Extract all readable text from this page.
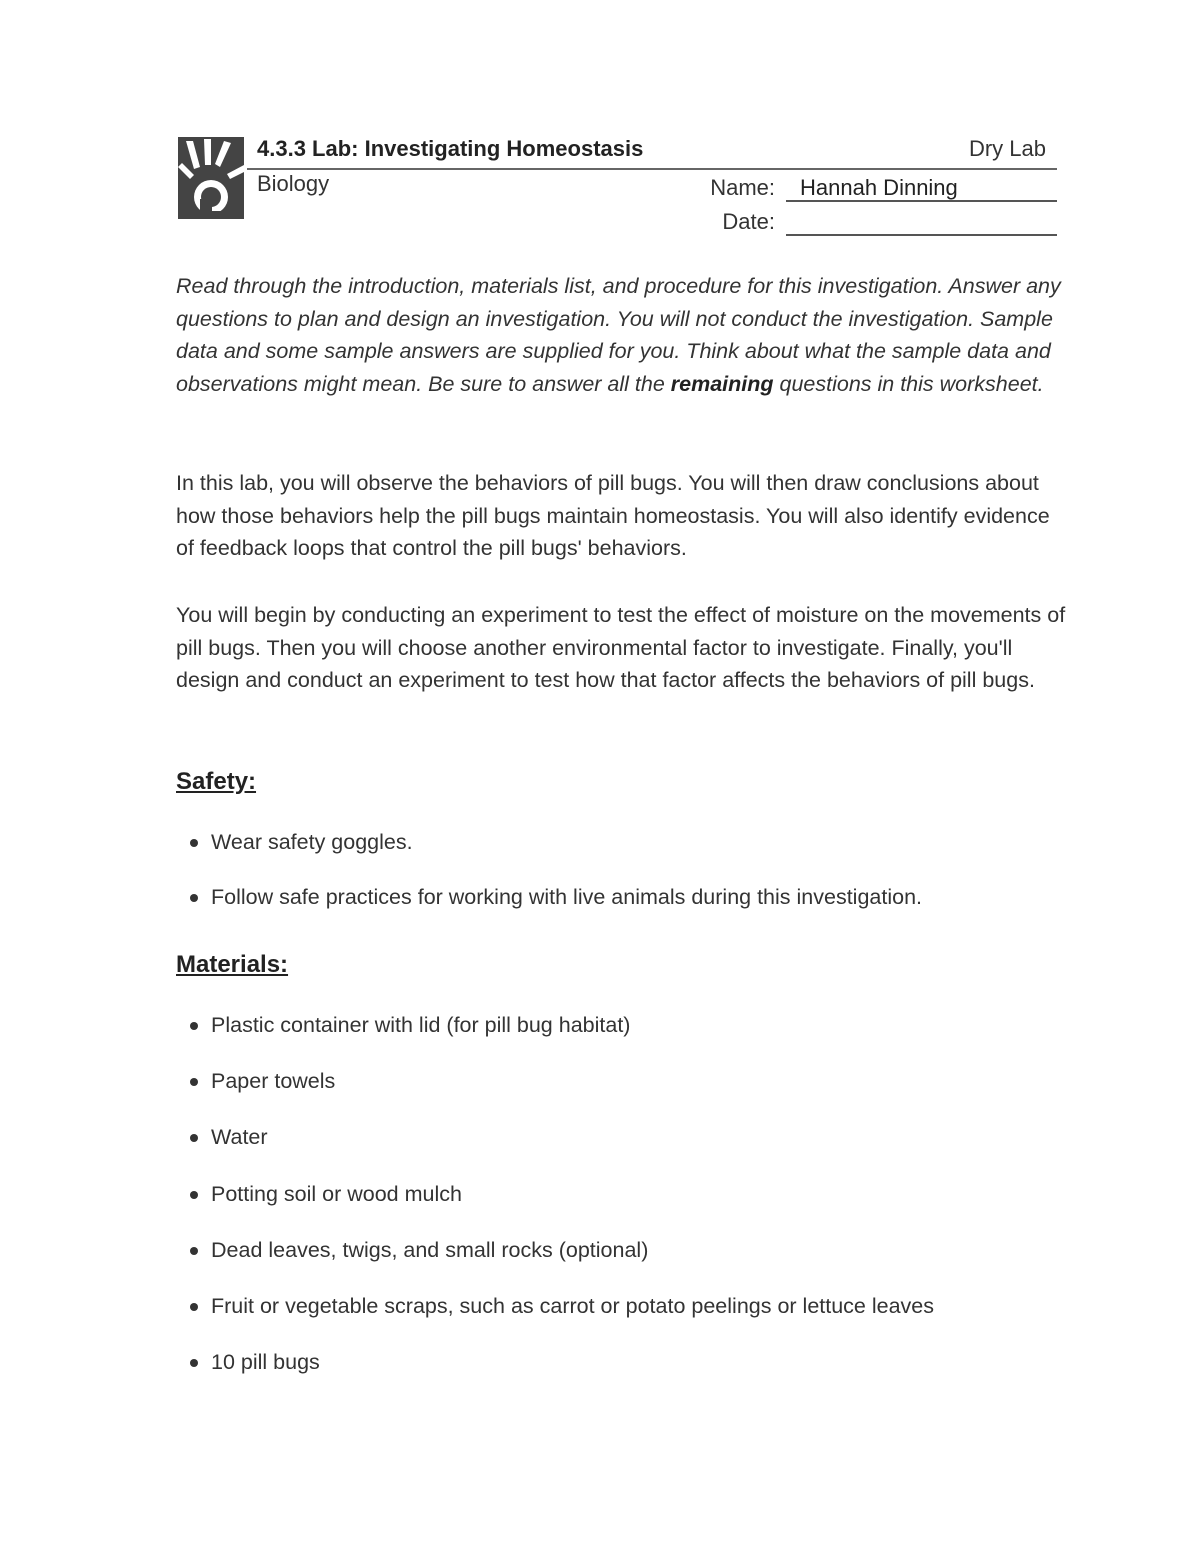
4.3.3 Lab: Investigating Homeostasis	Dry Lab
Biology	Name: Hannah Dinning
Date:
Read through the introduction, materials list, and procedure for this investigation. Answer any questions to plan and design an investigation. You will not conduct the investigation. Sample data and some sample answers are supplied for you. Think about what the sample data and observations might mean. Be sure to answer all the remaining questions in this worksheet.
In this lab, you will observe the behaviors of pill bugs. You will then draw conclusions about how those behaviors help the pill bugs maintain homeostasis. You will also identify evidence of feedback loops that control the pill bugs' behaviors.
You will begin by conducting an experiment to test the effect of moisture on the movements of pill bugs. Then you will choose another environmental factor to investigate. Finally, you'll design and conduct an experiment to test how that factor affects the behaviors of pill bugs.
Safety:
Wear safety goggles.
Follow safe practices for working with live animals during this investigation.
Materials:
Plastic container with lid (for pill bug habitat)
Paper towels
Water
Potting soil or wood mulch
Dead leaves, twigs, and small rocks (optional)
Fruit or vegetable scraps, such as carrot or potato peelings or lettuce leaves
10 pill bugs
